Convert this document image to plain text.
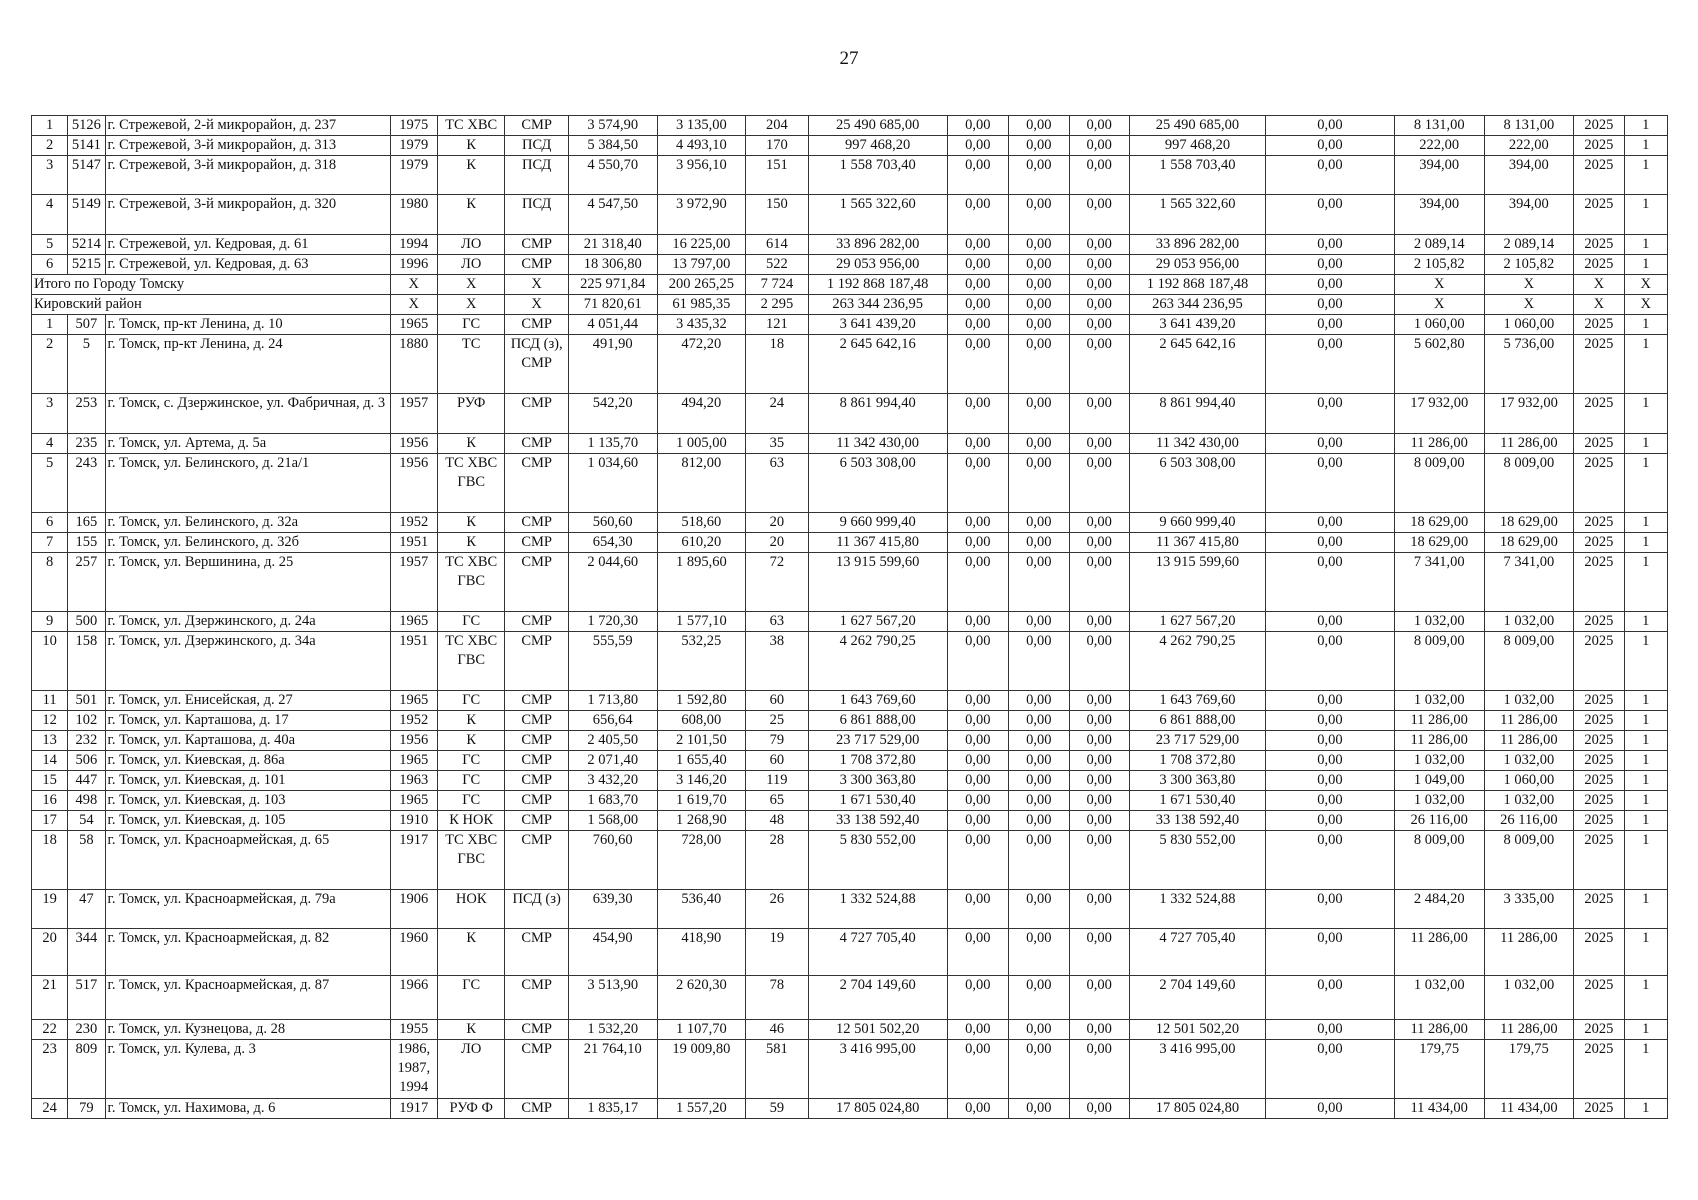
27
1	5126	г. Стрежевой, 2-й микрорайон, д. 237	1975	ТС ХВС	СМР	3 574,90	3 135,00	204	25 490 685,00	0,00	0,00	0,00	25 490 685,00	0,00	8 131,00	8 131,00	2025	1
2	5141	г. Стрежевой, 3-й микрорайон, д. 313	1979	К	ПСД	5 384,50	4 493,10	170	997 468,20	0,00	0,00	0,00	997 468,20	0,00	222,00	222,00	2025	1
3	5147	г. Стрежевой, 3-й микрорайон, д. 318	1979	К	ПСД	4 550,70	3 956,10	151	1 558 703,40	0,00	0,00	0,00	1 558 703,40	0,00	394,00	394,00	2025	1
4	5149	г. Стрежевой, 3-й микрорайон, д. 320	1980	К	ПСД	4 547,50	3 972,90	150	1 565 322,60	0,00	0,00	0,00	1 565 322,60	0,00	394,00	394,00	2025	1
5	5214	г. Стрежевой, ул. Кедровая, д. 61	1994	ЛО	СМР	21 318,40	16 225,00	614	33 896 282,00	0,00	0,00	0,00	33 896 282,00	0,00	2 089,14	2 089,14	2025	1
6	5215	г. Стрежевой, ул. Кедровая, д. 63	1996	ЛО	СМР	18 306,80	13 797,00	522	29 053 956,00	0,00	0,00	0,00	29 053 956,00	0,00	2 105,82	2 105,82	2025	1
Итого по Городу Томску			Х	Х	Х	225 971,84	200 265,25	7 724	1 192 868 187,48	0,00	0,00	0,00	1 192 868 187,48	0,00	Х	Х	Х	Х
Кировский район			Х	Х	Х	71 820,61	61 985,35	2 295	263 344 236,95	0,00	0,00	0,00	263 344 236,95	0,00	Х	Х	Х	Х
1	507	г. Томск, пр-кт Ленина, д. 10	1965	ГС	СМР	4 051,44	3 435,32	121	3 641 439,20	0,00	0,00	0,00	3 641 439,20	0,00	1 060,00	1 060,00	2025	1
2	5	г. Томск, пр-кт Ленина, д. 24	1880	ТС	ПСД (з), СМР	491,90	472,20	18	2 645 642,16	0,00	0,00	0,00	2 645 642,16	0,00	5 602,80	5 736,00	2025	1
3	253	г. Томск, с. Дзержинское, ул. Фабричная, д. 3	1957	РУФ	СМР	542,20	494,20	24	8 861 994,40	0,00	0,00	0,00	8 861 994,40	0,00	17 932,00	17 932,00	2025	1
4	235	г. Томск, ул. Артема, д. 5а	1956	К	СМР	1 135,70	1 005,00	35	11 342 430,00	0,00	0,00	0,00	11 342 430,00	0,00	11 286,00	11 286,00	2025	1
5	243	г. Томск, ул. Белинского, д. 21а/1	1956	ТС ХВС ГВС	СМР	1 034,60	812,00	63	6 503 308,00	0,00	0,00	0,00	6 503 308,00	0,00	8 009,00	8 009,00	2025	1
6	165	г. Томск, ул. Белинского, д. 32а	1952	К	СМР	560,60	518,60	20	9 660 999,40	0,00	0,00	0,00	9 660 999,40	0,00	18 629,00	18 629,00	2025	1
7	155	г. Томск, ул. Белинского, д. 32б	1951	К	СМР	654,30	610,20	20	11 367 415,80	0,00	0,00	0,00	11 367 415,80	0,00	18 629,00	18 629,00	2025	1
8	257	г. Томск, ул. Вершинина, д. 25	1957	ТС ХВС ГВС	СМР	2 044,60	1 895,60	72	13 915 599,60	0,00	0,00	0,00	13 915 599,60	0,00	7 341,00	7 341,00	2025	1
9	500	г. Томск, ул. Дзержинского, д. 24а	1965	ГС	СМР	1 720,30	1 577,10	63	1 627 567,20	0,00	0,00	0,00	1 627 567,20	0,00	1 032,00	1 032,00	2025	1
10	158	г. Томск, ул. Дзержинского, д. 34а	1951	ТС ХВС ГВС	СМР	555,59	532,25	38	4 262 790,25	0,00	0,00	0,00	4 262 790,25	0,00	8 009,00	8 009,00	2025	1
11	501	г. Томск, ул. Енисейская, д. 27	1965	ГС	СМР	1 713,80	1 592,80	60	1 643 769,60	0,00	0,00	0,00	1 643 769,60	0,00	1 032,00	1 032,00	2025	1
12	102	г. Томск, ул. Карташова, д. 17	1952	К	СМР	656,64	608,00	25	6 861 888,00	0,00	0,00	0,00	6 861 888,00	0,00	11 286,00	11 286,00	2025	1
13	232	г. Томск, ул. Карташова, д. 40а	1956	К	СМР	2 405,50	2 101,50	79	23 717 529,00	0,00	0,00	0,00	23 717 529,00	0,00	11 286,00	11 286,00	2025	1
14	506	г. Томск, ул. Киевская, д. 86а	1965	ГС	СМР	2 071,40	1 655,40	60	1 708 372,80	0,00	0,00	0,00	1 708 372,80	0,00	1 032,00	1 032,00	2025	1
15	447	г. Томск, ул. Киевская, д. 101	1963	ГС	СМР	3 432,20	3 146,20	119	3 300 363,80	0,00	0,00	0,00	3 300 363,80	0,00	1 049,00	1 060,00	2025	1
16	498	г. Томск, ул. Киевская, д. 103	1965	ГС	СМР	1 683,70	1 619,70	65	1 671 530,40	0,00	0,00	0,00	1 671 530,40	0,00	1 032,00	1 032,00	2025	1
17	54	г. Томск, ул. Киевская, д. 105	1910	К НОК	СМР	1 568,00	1 268,90	48	33 138 592,40	0,00	0,00	0,00	33 138 592,40	0,00	26 116,00	26 116,00	2025	1
18	58	г. Томск, ул. Красноармейская, д. 65	1917	ТС ХВС ГВС	СМР	760,60	728,00	28	5 830 552,00	0,00	0,00	0,00	5 830 552,00	0,00	8 009,00	8 009,00	2025	1
19	47	г. Томск, ул. Красноармейская, д. 79а	1906	НОК	ПСД (з)	639,30	536,40	26	1 332 524,88	0,00	0,00	0,00	1 332 524,88	0,00	2 484,20	3 335,00	2025	1
20	344	г. Томск, ул. Красноармейская, д. 82	1960	К	СМР	454,90	418,90	19	4 727 705,40	0,00	0,00	0,00	4 727 705,40	0,00	11 286,00	11 286,00	2025	1
21	517	г. Томск, ул. Красноармейская, д. 87	1966	ГС	СМР	3 513,90	2 620,30	78	2 704 149,60	0,00	0,00	0,00	2 704 149,60	0,00	1 032,00	1 032,00	2025	1
22	230	г. Томск, ул. Кузнецова, д. 28	1955	К	СМР	1 532,20	1 107,70	46	12 501 502,20	0,00	0,00	0,00	12 501 502,20	0,00	11 286,00	11 286,00	2025	1
23	809	г. Томск, ул. Кулева, д. 3	1986, 1987, 1994	ЛО	СМР	21 764,10	19 009,80	581	3 416 995,00	0,00	0,00	0,00	3 416 995,00	0,00	179,75	179,75	2025	1
24	79	г. Томск, ул. Нахимова, д. 6	1917	РУФ Ф	СМР	1 835,17	1 557,20	59	17 805 024,80	0,00	0,00	0,00	17 805 024,80	0,00	11 434,00	11 434,00	2025	1
